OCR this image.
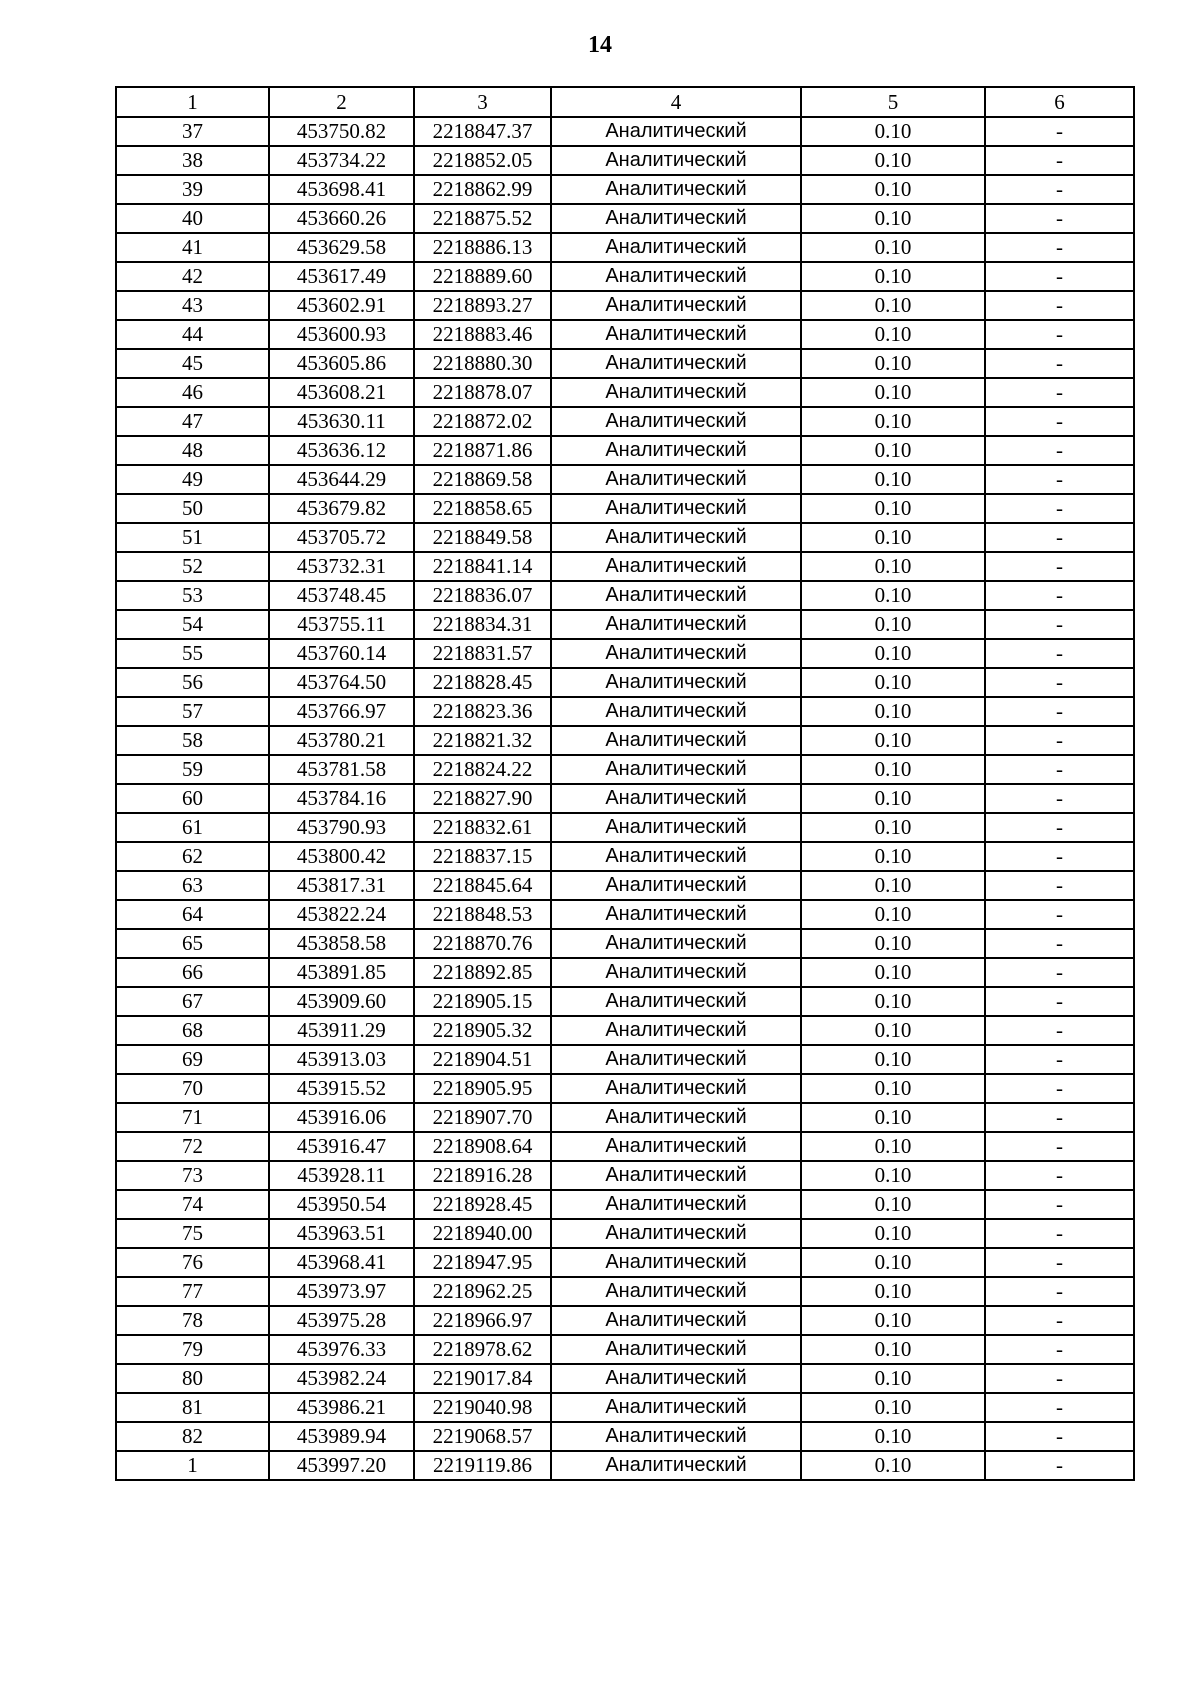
14
1	2	3	4	5	6
37	453750.82	2218847.37	Аналитический	0.10	-
38	453734.22	2218852.05	Аналитический	0.10	-
39	453698.41	2218862.99	Аналитический	0.10	-
40	453660.26	2218875.52	Аналитический	0.10	-
41	453629.58	2218886.13	Аналитический	0.10	-
42	453617.49	2218889.60	Аналитический	0.10	-
43	453602.91	2218893.27	Аналитический	0.10	-
44	453600.93	2218883.46	Аналитический	0.10	-
45	453605.86	2218880.30	Аналитический	0.10	-
46	453608.21	2218878.07	Аналитический	0.10	-
47	453630.11	2218872.02	Аналитический	0.10	-
48	453636.12	2218871.86	Аналитический	0.10	-
49	453644.29	2218869.58	Аналитический	0.10	-
50	453679.82	2218858.65	Аналитический	0.10	-
51	453705.72	2218849.58	Аналитический	0.10	-
52	453732.31	2218841.14	Аналитический	0.10	-
53	453748.45	2218836.07	Аналитический	0.10	-
54	453755.11	2218834.31	Аналитический	0.10	-
55	453760.14	2218831.57	Аналитический	0.10	-
56	453764.50	2218828.45	Аналитический	0.10	-
57	453766.97	2218823.36	Аналитический	0.10	-
58	453780.21	2218821.32	Аналитический	0.10	-
59	453781.58	2218824.22	Аналитический	0.10	-
60	453784.16	2218827.90	Аналитический	0.10	-
61	453790.93	2218832.61	Аналитический	0.10	-
62	453800.42	2218837.15	Аналитический	0.10	-
63	453817.31	2218845.64	Аналитический	0.10	-
64	453822.24	2218848.53	Аналитический	0.10	-
65	453858.58	2218870.76	Аналитический	0.10	-
66	453891.85	2218892.85	Аналитический	0.10	-
67	453909.60	2218905.15	Аналитический	0.10	-
68	453911.29	2218905.32	Аналитический	0.10	-
69	453913.03	2218904.51	Аналитический	0.10	-
70	453915.52	2218905.95	Аналитический	0.10	-
71	453916.06	2218907.70	Аналитический	0.10	-
72	453916.47	2218908.64	Аналитический	0.10	-
73	453928.11	2218916.28	Аналитический	0.10	-
74	453950.54	2218928.45	Аналитический	0.10	-
75	453963.51	2218940.00	Аналитический	0.10	-
76	453968.41	2218947.95	Аналитический	0.10	-
77	453973.97	2218962.25	Аналитический	0.10	-
78	453975.28	2218966.97	Аналитический	0.10	-
79	453976.33	2218978.62	Аналитический	0.10	-
80	453982.24	2219017.84	Аналитический	0.10	-
81	453986.21	2219040.98	Аналитический	0.10	-
82	453989.94	2219068.57	Аналитический	0.10	-
1	453997.20	2219119.86	Аналитический	0.10	-
